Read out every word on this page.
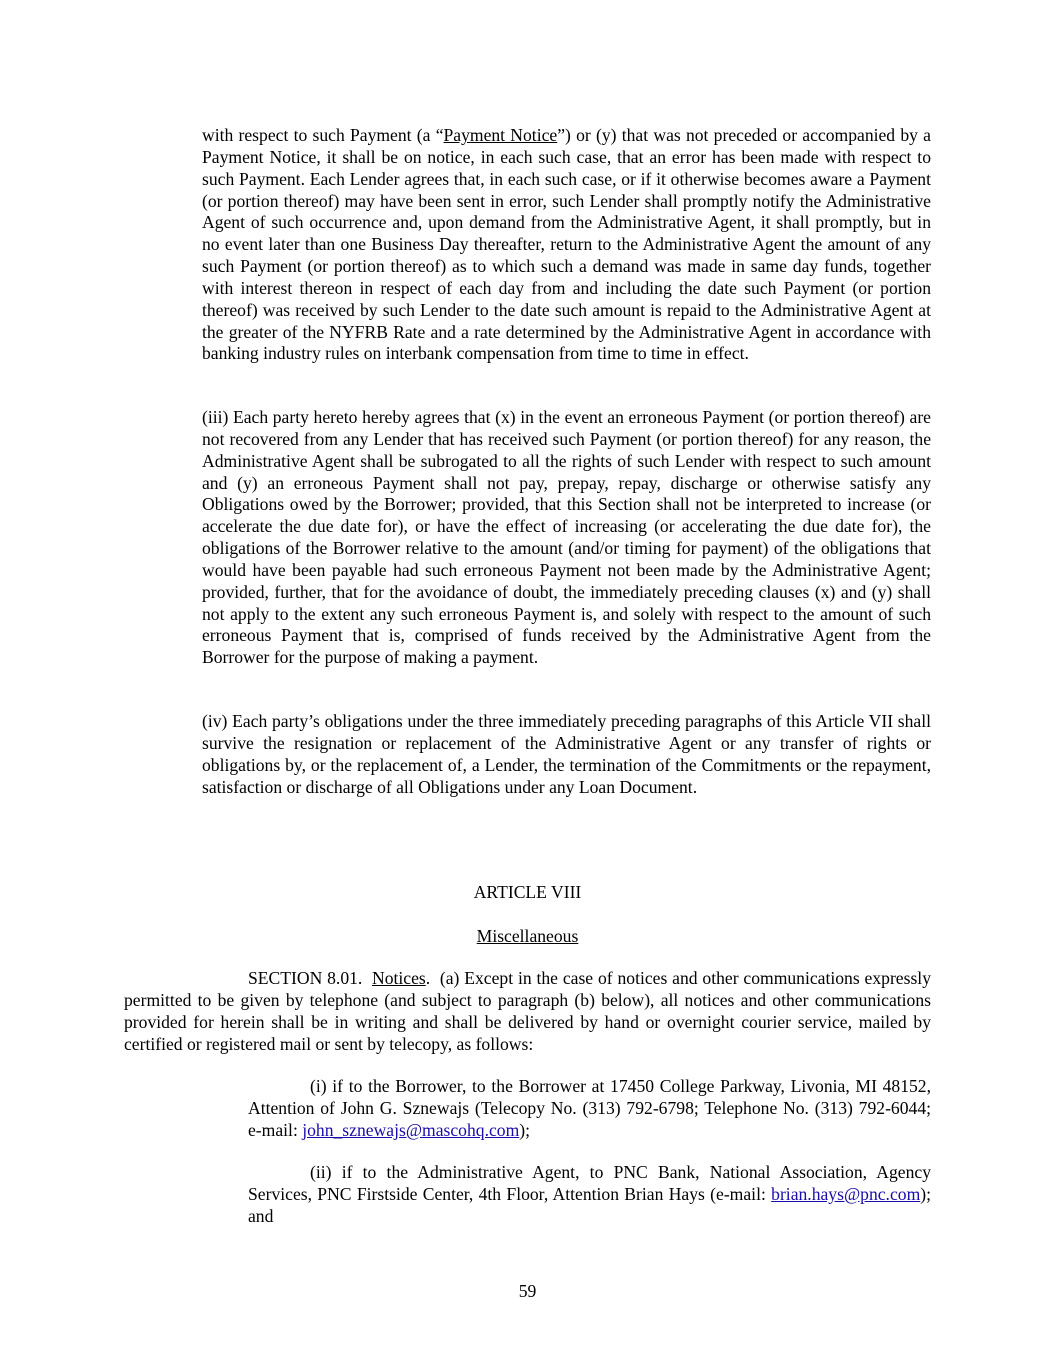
with respect to such Payment (a “Payment Notice”) or (y) that was not preceded or accompanied by a Payment Notice, it shall be on notice, in each such case, that an error has been made with respect to such Payment. Each Lender agrees that, in each such case, or if it otherwise becomes aware a Payment (or portion thereof) may have been sent in error, such Lender shall promptly notify the Administrative Agent of such occurrence and, upon demand from the Administrative Agent, it shall promptly, but in no event later than one Business Day thereafter, return to the Administrative Agent the amount of any such Payment (or portion thereof) as to which such a demand was made in same day funds, together with interest thereon in respect of each day from and including the date such Payment (or portion thereof) was received by such Lender to the date such amount is repaid to the Administrative Agent at the greater of the NYFRB Rate and a rate determined by the Administrative Agent in accordance with banking industry rules on interbank compensation from time to time in effect.

(iii) Each party hereto hereby agrees that (x) in the event an erroneous Payment (or portion thereof) are not recovered from any Lender that has received such Payment (or portion thereof) for any reason, the Administrative Agent shall be subrogated to all the rights of such Lender with respect to such amount and (y) an erroneous Payment shall not pay, prepay, repay, discharge or otherwise satisfy any Obligations owed by the Borrower; provided, that this Section shall not be interpreted to increase (or accelerate the due date for), or have the effect of increasing (or accelerating the due date for), the obligations of the Borrower relative to the amount (and/or timing for payment) of the obligations that would have been payable had such erroneous Payment not been made by the Administrative Agent; provided, further, that for the avoidance of doubt, the immediately preceding clauses (x) and (y) shall not apply to the extent any such erroneous Payment is, and solely with respect to the amount of such erroneous Payment that is, comprised of funds received by the Administrative Agent from the Borrower for the purpose of making a payment.

(iv) Each party’s obligations under the three immediately preceding paragraphs of this Article VII shall survive the resignation or replacement of the Administrative Agent or any transfer of rights or obligations by, or the replacement of, a Lender, the termination of the Commitments or the repayment, satisfaction or discharge of all Obligations under any Loan Document.

ARTICLE VIII
Miscellaneous

SECTION 8.01. Notices. (a) Except in the case of notices and other communications expressly permitted to be given by telephone (and subject to paragraph (b) below), all notices and other communications provided for herein shall be in writing and shall be delivered by hand or overnight courier service, mailed by certified or registered mail or sent by telecopy, as follows:

(i) if to the Borrower, to the Borrower at 17450 College Parkway, Livonia, MI 48152, Attention of John G. Sznewajs (Telecopy No. (313) 792-6798; Telephone No. (313) 792-6044; e-mail: john_sznewajs@mascohq.com);

(ii) if to the Administrative Agent, to PNC Bank, National Association, Agency Services, PNC Firstside Center, 4th Floor, Attention Brian Hays (e-mail: brian.hays@pnc.com); and

59
